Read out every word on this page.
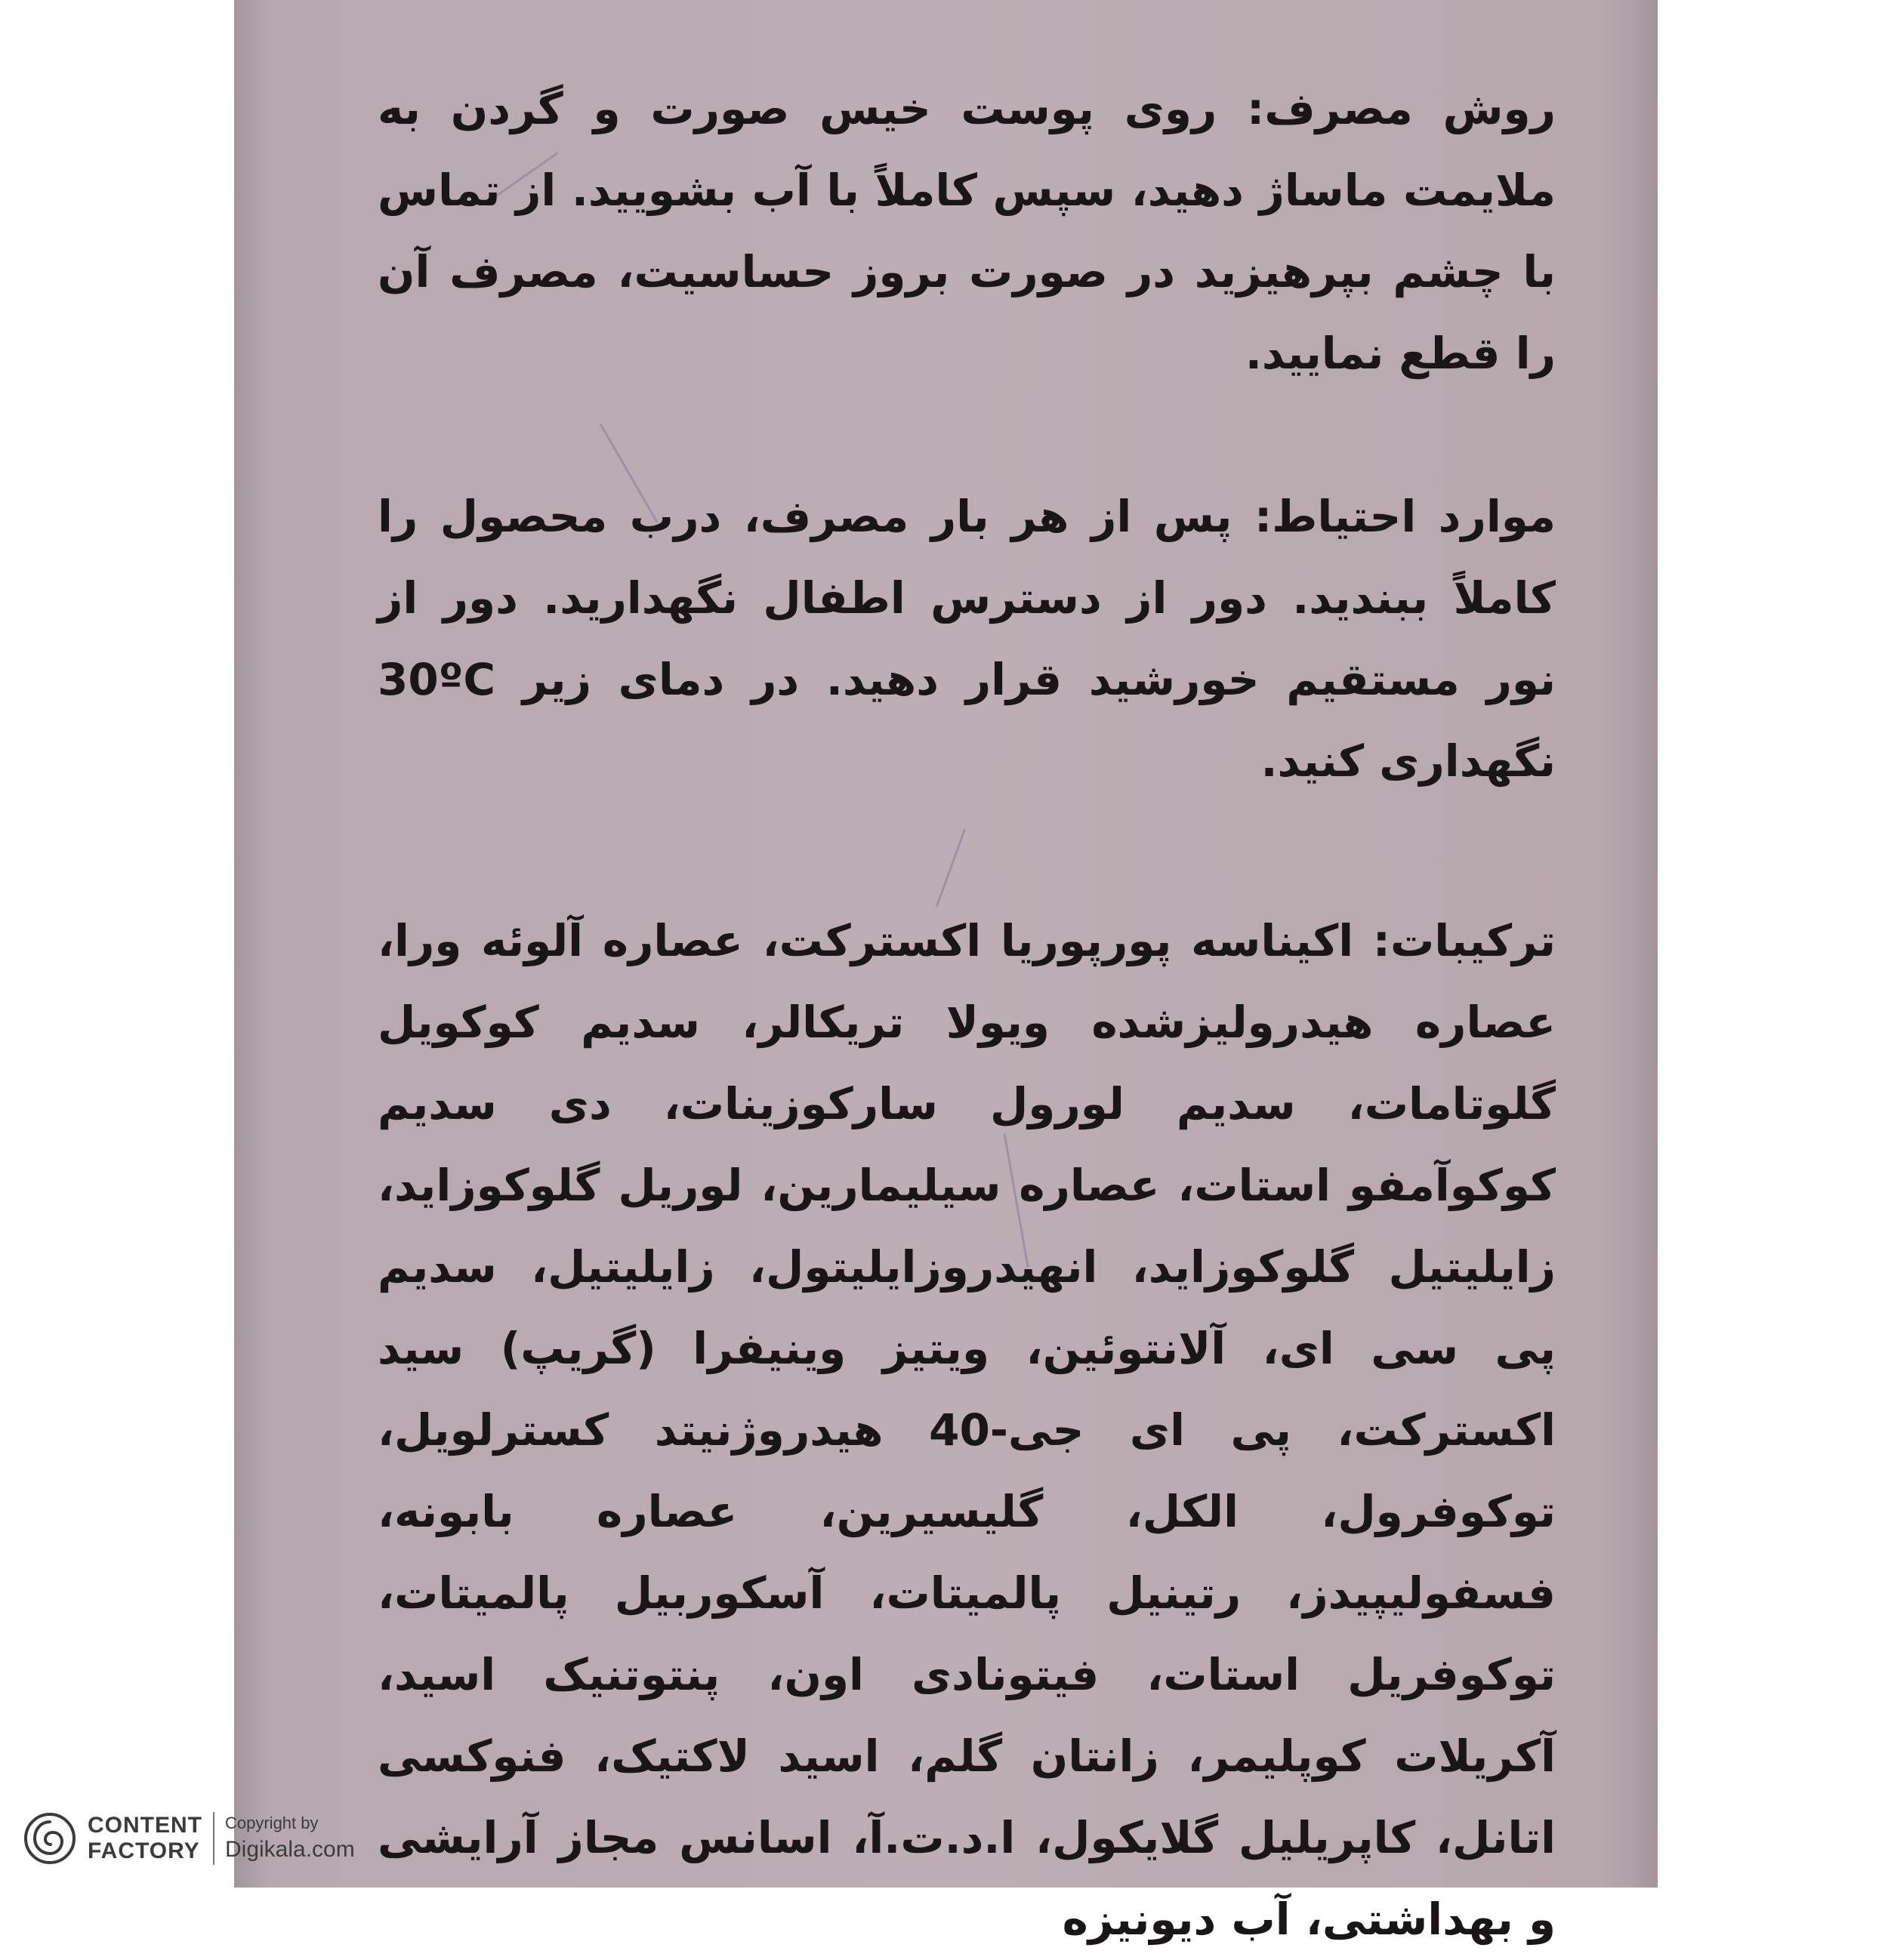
روش مصرف: روی پوست خیس صورت و گردن به ملایمت ماساژ دهید، سپس کاملاً با آب بشویید. از تماس با چشم بپرهیزید در صورت بروز حساسیت، مصرف آن را قطع نمایید.

موارد احتیاط: پس از هر بار مصرف، درب محصول را کاملاً ببندید. دور از دسترس اطفال نگهدارید. دور از نور مستقیم خورشید قرار دهید. در دمای زیر 30ºC نگهداری کنید.

ترکیبات: اکیناسه پورپوریا اکسترکت، عصاره آلوئه ورا، عصاره هیدرولیزشده ویولا تریکالر، سدیم کوکویل گلوتامات، سدیم لورول سارکوزینات، دی سدیم کوکوآمفو استات، عصاره سیلیمارین، لوریل گلوکوزاید، زایلیتیل گلوکوزاید، انهیدروزایلیتول، زایلیتیل، سدیم پی سی ای، آلانتوئین، ویتیز وینیفرا (گریپ) سید اکسترکت، پی ای جی-40 هیدروژنیتد کسترلویل، توکوفرول، الکل، گلیسیرین، عصاره بابونه، فسفولیپیدز، رتینیل پالمیتات، آسکوربیل پالمیتات، توکوفریل استات، فیتونادی اون، پنتوتنیک اسید، آکریلات کوپلیمر، زانتان گلم، اسید لاکتیک، فنوکسی اتانل، کاپریلیل گلایکول، ا.د.ت.آ، اسانس مجاز آرایشی و بهداشتی، آب دیونیزه

CONTENT
FACTORY
Copyright by
Digikala.com
